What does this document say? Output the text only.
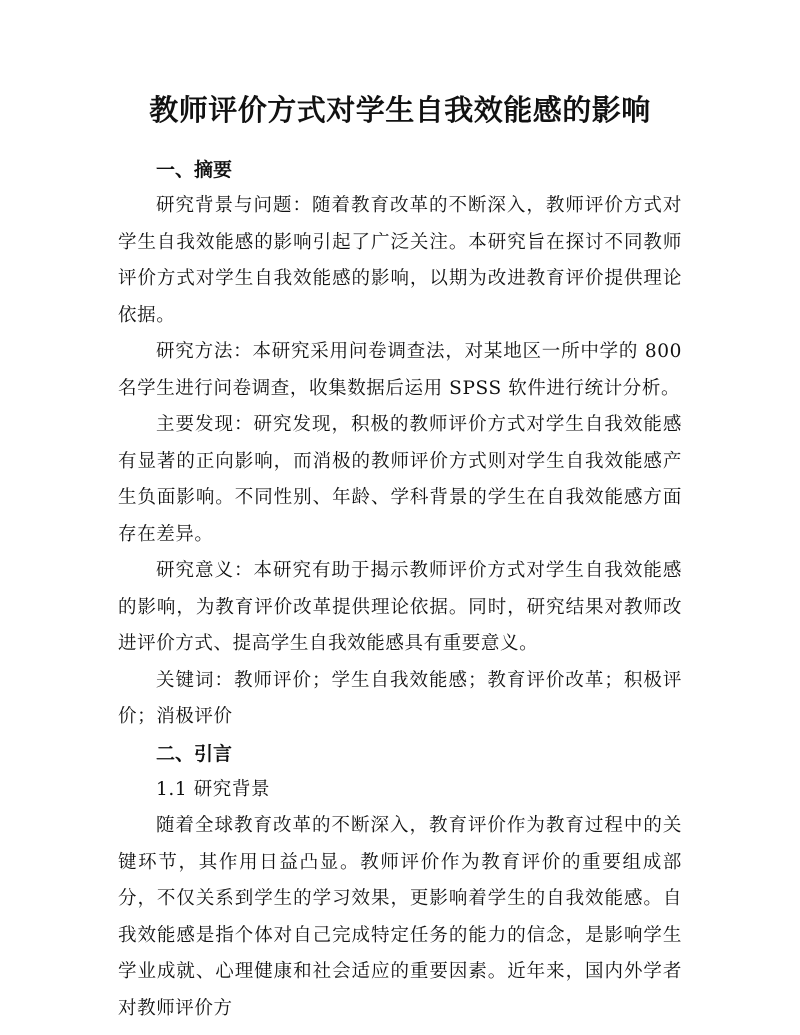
教师评价方式对学生自我效能感的影响

一、摘要

研究背景与问题：随着教育改革的不断深入，教师评价方式对学生自我效能感的影响引起了广泛关注。本研究旨在探讨不同教师评价方式对学生自我效能感的影响，以期为改进教育评价提供理论依据。

研究方法：本研究采用问卷调查法，对某地区一所中学的 800 名学生进行问卷调查，收集数据后运用 SPSS 软件进行统计分析。

主要发现：研究发现，积极的教师评价方式对学生自我效能感有显著的正向影响，而消极的教师评价方式则对学生自我效能感产生负面影响。不同性别、年龄、学科背景的学生在自我效能感方面存在差异。

研究意义：本研究有助于揭示教师评价方式对学生自我效能感的影响，为教育评价改革提供理论依据。同时，研究结果对教师改进评价方式、提高学生自我效能感具有重要意义。

关键词：教师评价；学生自我效能感；教育评价改革；积极评价；消极评价

二、引言

1.1 研究背景

随着全球教育改革的不断深入，教育评价作为教育过程中的关键环节，其作用日益凸显。教师评价作为教育评价的重要组成部分，不仅关系到学生的学习效果，更影响着学生的自我效能感。自我效能感是指个体对自己完成特定任务的能力的信念，是影响学生学业成就、心理健康和社会适应的重要因素。近年来，国内外学者对教师评价方
